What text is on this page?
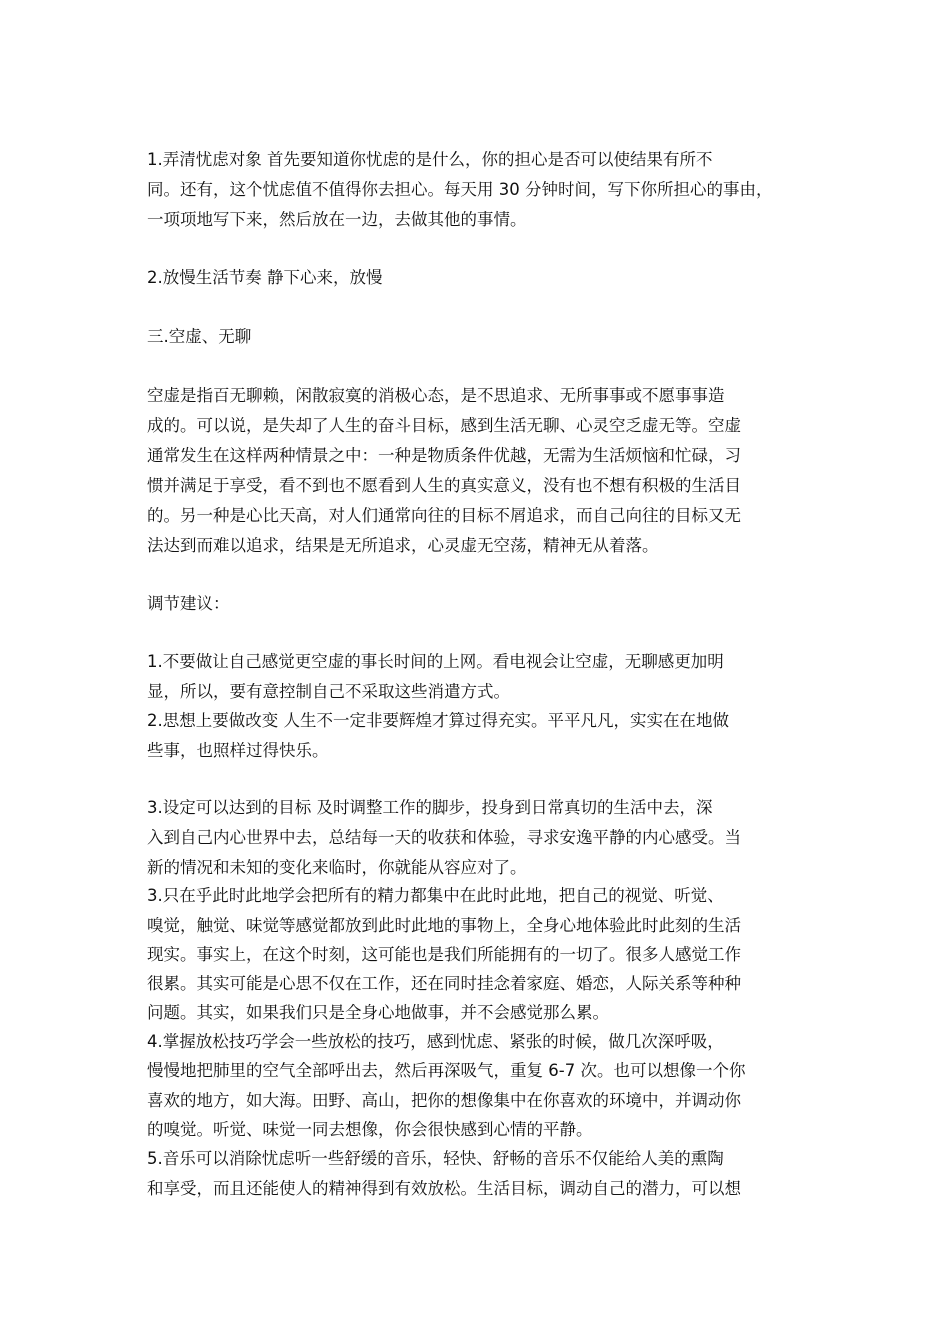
1.弄清忧虑对象 首先要知道你忧虑的是什么，你的担心是否可以使结果有所不
同。还有，这个忧虑值不值得你去担心。每天用 30 分钟时间，写下你所担心的事由，
一项项地写下来，然后放在一边，去做其他的事情。
2.放慢生活节奏 静下心来，放慢
三.空虚、无聊
空虚是指百无聊赖，闲散寂寞的消极心态，是不思追求、无所事事或不愿事事造
成的。可以说，是失却了人生的奋斗目标，感到生活无聊、心灵空乏虚无等。空虚
通常发生在这样两种情景之中：一种是物质条件优越，无需为生活烦恼和忙碌，习
惯并满足于享受，看不到也不愿看到人生的真实意义，没有也不想有积极的生活目
的。另一种是心比天高，对人们通常向往的目标不屑追求，而自己向往的目标又无
法达到而难以追求，结果是无所追求，心灵虚无空荡，精神无从着落。
调节建议：
1.不要做让自己感觉更空虚的事长时间的上网。看电视会让空虚，无聊感更加明
显，所以，要有意控制自己不采取这些消遣方式。
2.思想上要做改变 人生不一定非要辉煌才算过得充实。平平凡凡，实实在在地做
些事，也照样过得快乐。
3.设定可以达到的目标 及时调整工作的脚步，投身到日常真切的生活中去，深
入到自己内心世界中去，总结每一天的收获和体验，寻求安逸平静的内心感受。当
新的情况和未知的变化来临时，你就能从容应对了。
3.只在乎此时此地学会把所有的精力都集中在此时此地，把自己的视觉、听觉、
嗅觉，触觉、味觉等感觉都放到此时此地的事物上，全身心地体验此时此刻的生活
现实。事实上，在这个时刻，这可能也是我们所能拥有的一切了。很多人感觉工作
很累。其实可能是心思不仅在工作，还在同时挂念着家庭、婚恋，人际关系等种种
问题。其实，如果我们只是全身心地做事，并不会感觉那么累。
4.掌握放松技巧学会一些放松的技巧，感到忧虑、紧张的时候，做几次深呼吸，
慢慢地把肺里的空气全部呼出去，然后再深吸气，重复 6-7 次。也可以想像一个你
喜欢的地方，如大海。田野、高山，把你的想像集中在你喜欢的环境中，并调动你
的嗅觉。听觉、味觉一同去想像，你会很快感到心情的平静。
5.音乐可以消除忧虑听一些舒缓的音乐，轻快、舒畅的音乐不仅能给人美的熏陶
和享受，而且还能使人的精神得到有效放松。生活目标，调动自己的潜力，可以想
